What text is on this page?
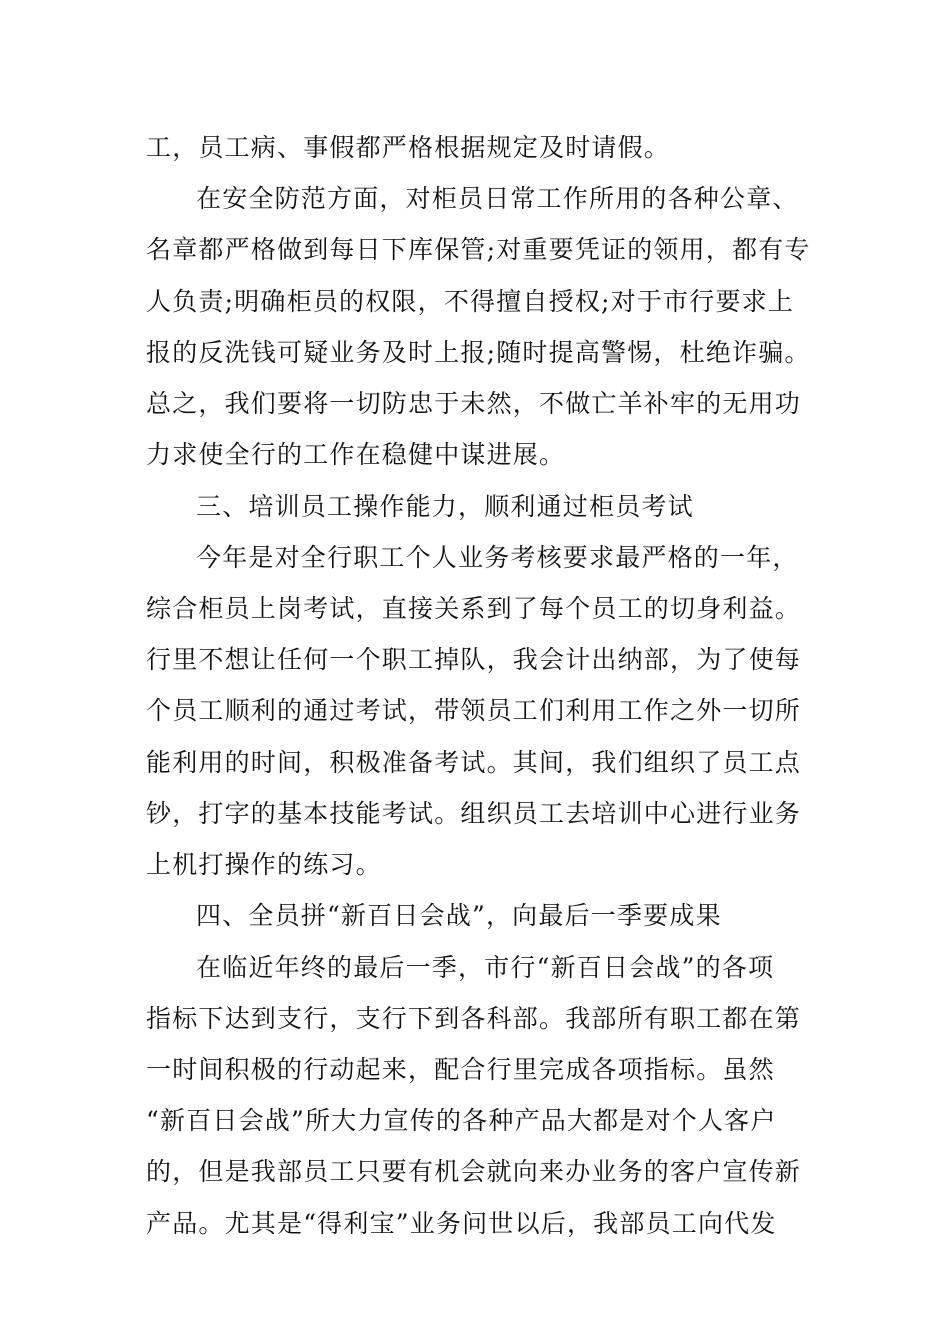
工，员工病、事假都严格根据规定及时请假。
在安全防范方面，对柜员日常工作所用的各种公章、
名章都严格做到每日下库保管;对重要凭证的领用，都有专
人负责;明确柜员的权限，不得擅自授权;对于市行要求上
报的反洗钱可疑业务及时上报;随时提高警惕，杜绝诈骗。
总之，我们要将一切防忠于未然，不做亡羊补牢的无用功
力求使全行的工作在稳健中谋进展。
三、培训员工操作能力，顺利通过柜员考试
今年是对全行职工个人业务考核要求最严格的一年，
综合柜员上岗考试，直接关系到了每个员工的切身利益。
行里不想让任何一个职工掉队，我会计出纳部，为了使每
个员工顺利的通过考试，带领员工们利用工作之外一切所
能利用的时间，积极准备考试。其间，我们组织了员工点
钞，打字的基本技能考试。组织员工去培训中心进行业务
上机打操作的练习。
四、全员拼“新百日会战”，向最后一季要成果
在临近年终的最后一季，市行“新百日会战”的各项
指标下达到支行，支行下到各科部。我部所有职工都在第
一时间积极的行动起来，配合行里完成各项指标。虽然
“新百日会战”所大力宣传的各种产品大都是对个人客户
的，但是我部员工只要有机会就向来办业务的客户宣传新
产品。尤其是“得利宝”业务问世以后，我部员工向代发
